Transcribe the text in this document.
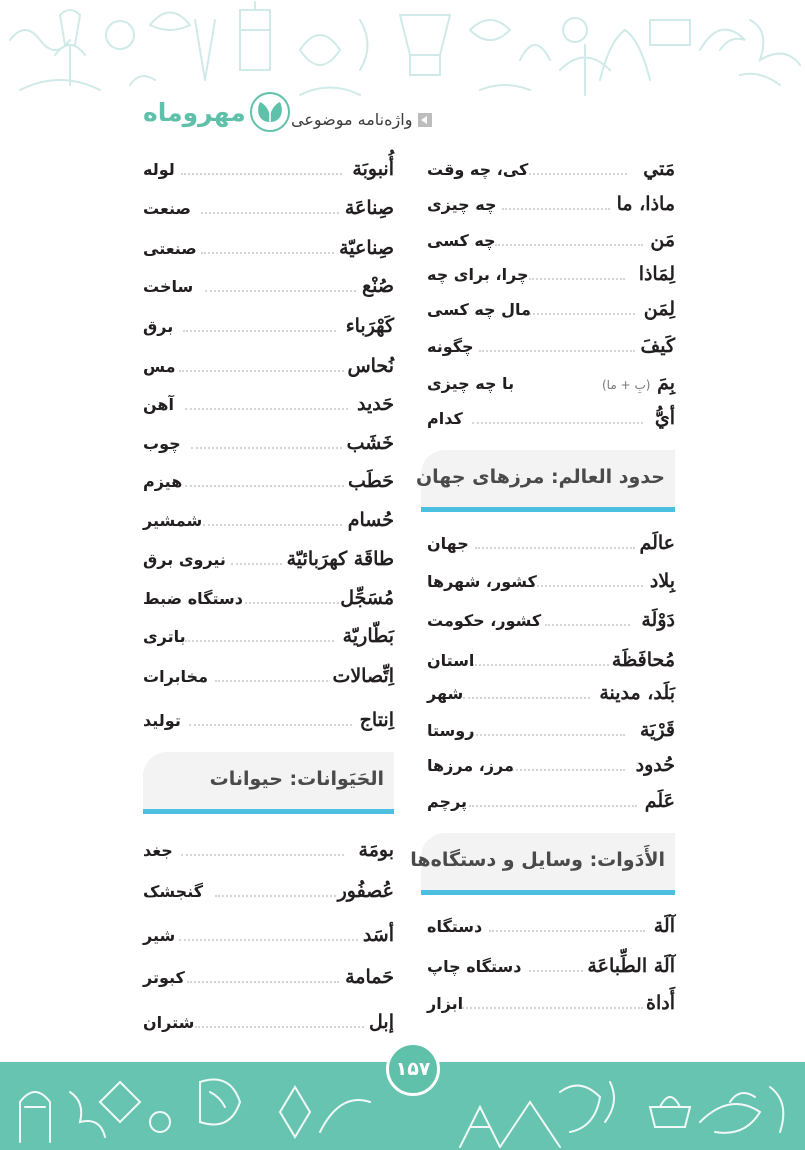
مهروماه	واژه‌نامه موضوعی
مَتي
کی، چه وقت
ماذا، ما
چه چیزی
مَن
چه کسی
لِمَاذا
چرا، برای چه
لِمَن
مال چه کسی
كَيفَ
چگونه
بِمَ (بِ + ما)
با چه چیزی
أيُّ
کدام
حدود العالم: مرزهای جهان
عالَم
جهان
بِلاد
کشور، شهرها
دَوْلَة
کشور، حکومت
مُحافَظَة
استان
بَلَد، مدينة
شهر
قَرْيَة
روستا
حُدود
مرز، مرزها
عَلَم
پرچم
الأَدَوات: وسایل و دستگاه‌ها
آلَة
دستگاه
آلَة الطِّباعَة
دستگاه چاپ
أَداة
ابزار
أُنبوبَة
لوله
صِناعَة
صنعت
صِناعيّة
صنعتی
صُنْع
ساخت
كَهْرَباء
برق
نُحاس
مس
حَديد
آهن
خَشَب
چوب
حَطَب
هیزم
حُسام
شمشیر
طاقَة كهرَبائيّة
نیروی برق
مُسَجِّل
دستگاه ضبط
بَطّاريّة
باتری
اِتِّصالات
مخابرات
اِنتاج
تولید
الحَيَوانات: حیوانات
بومَة
جغد
عُصفُور
گنجشک
أسَد
شیر
حَمامة
کبوتر
إبل
شتران
۱۵۷
